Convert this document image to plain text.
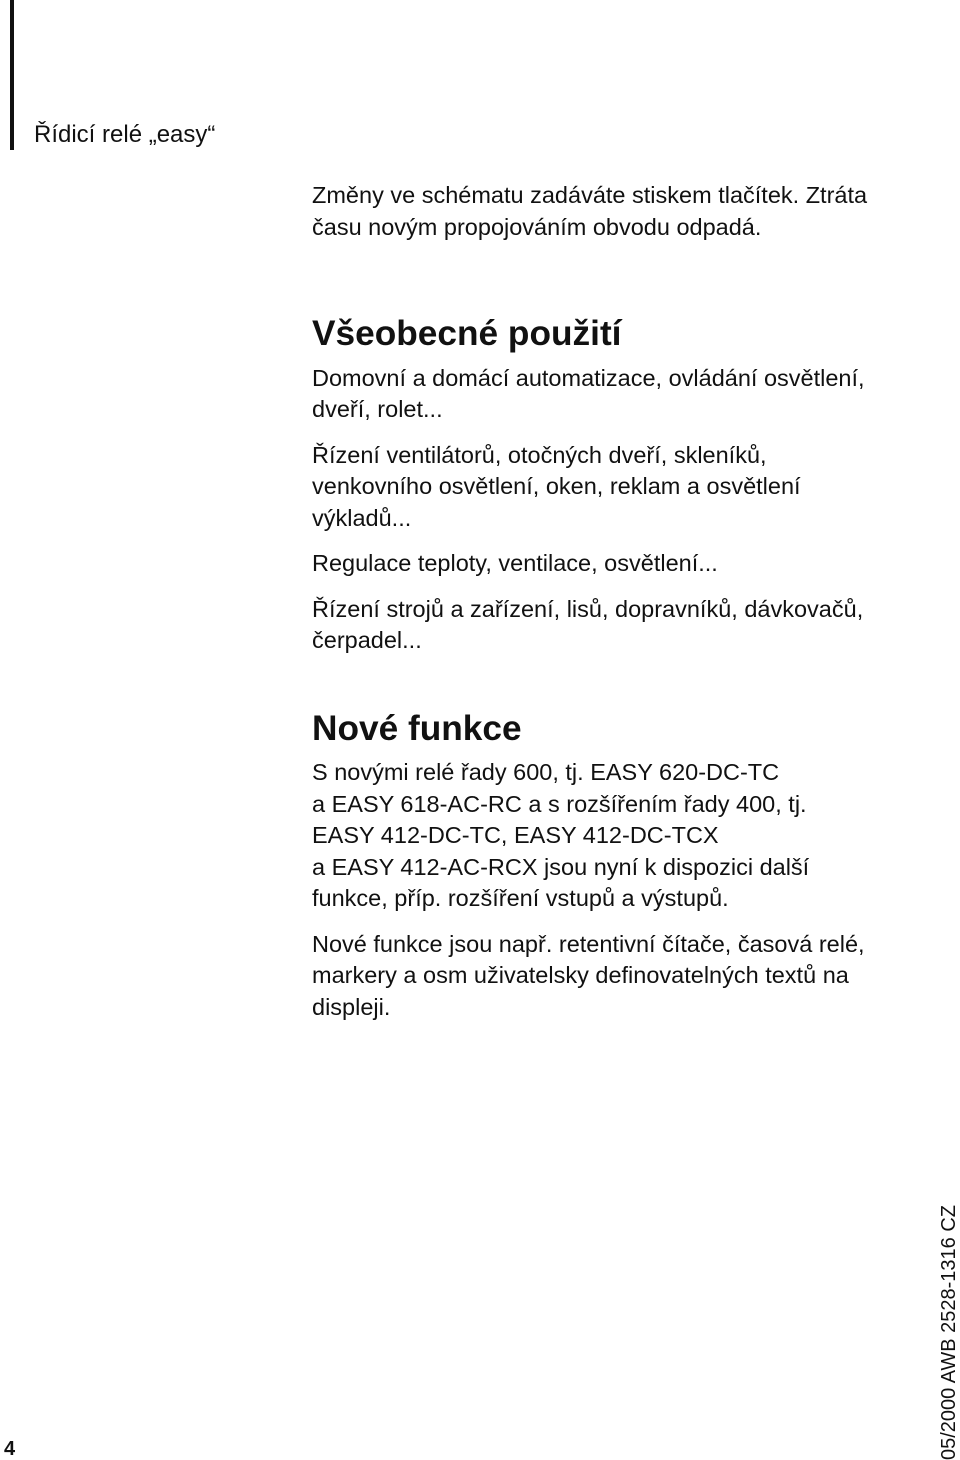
Řídicí relé „easy“

Změny ve schématu zadáváte stiskem tlačítek. Ztráta
času novým propojováním obvodu odpadá.

Všeobecné použití

Domovní a domácí automatizace, ovládání osvětlení,
dveří, rolet...

Řízení ventilátorů, otočných dveří, skleníků,
venkovního osvětlení, oken, reklam a osvětlení
výkladů...

Regulace teploty, ventilace, osvětlení...

Řízení strojů a zařízení, lisů, dopravníků, dávkovačů,
čerpadel...

Nové funkce

S novými relé řady 600, tj. EASY 620-DC-TC
a EASY 618-AC-RC a s rozšířením řady 400, tj.
EASY 412-DC-TC, EASY 412-DC-TCX
a EASY 412-AC-RCX jsou nyní k dispozici další
funkce, příp. rozšíření vstupů a výstupů.

Nové funkce jsou např. retentivní čítače, časová relé,
markery a osm uživatelsky definovatelných textů na
displeji.

4	05/2000 AWB 2528-1316 CZ
